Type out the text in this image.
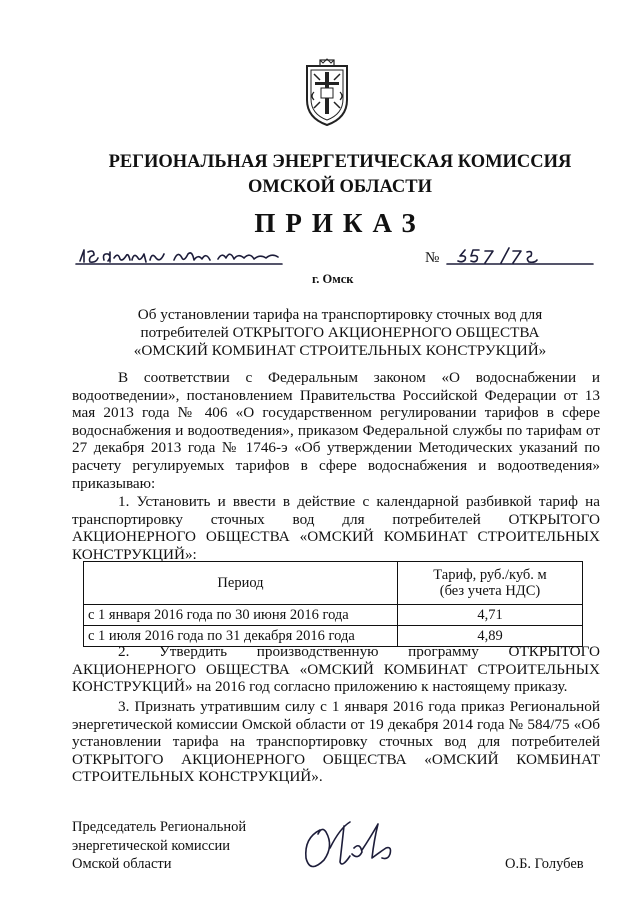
РЕГИОНАЛЬНАЯ ЭНЕРГЕТИЧЕСКАЯ КОМИССИЯ
ОМСКОЙ ОБЛАСТИ
ПРИКАЗ
№
г. Омск
Об установлении тарифа на транспортировку сточных вод для
потребителей ОТКРЫТОГО АКЦИОНЕРНОГО ОБЩЕСТВА
«ОМСКИЙ КОМБИНАТ СТРОИТЕЛЬНЫХ КОНСТРУКЦИЙ»
В соответствии с Федеральным законом «О водоснабжении и
водоотведении», постановлением Правительства Российской Федерации от 13
мая 2013 года № 406 «О государственном регулировании тарифов в сфере
водоснабжения и водоотведения», приказом Федеральной службы по тарифам от
27 декабря 2013 года № 1746-э «Об утверждении Методических указаний по
расчету регулируемых тарифов в сфере водоснабжения и водоотведения»
приказываю:
1. Установить и ввести в действие с календарной разбивкой тариф на
транспортировку сточных вод для потребителей ОТКРЫТОГО
АКЦИОНЕРНОГО ОБЩЕСТВА «ОМСКИЙ КОМБИНАТ СТРОИТЕЛЬНЫХ
КОНСТРУКЦИЙ»:
Период	Тариф, руб./куб. м
(без учета НДС)

с 1 января 2016 года по 30 июня 2016 года	4,71
с 1 июля 2016 года по 31 декабря 2016 года	4,89
2. Утвердить производственную программу ОТКРЫТОГО
АКЦИОНЕРНОГО ОБЩЕСТВА «ОМСКИЙ КОМБИНАТ СТРОИТЕЛЬНЫХ
КОНСТРУКЦИЙ» на 2016 год согласно приложению к настоящему приказу.
3. Признать утратившим силу с 1 января 2016 года приказ Региональной
энергетической комиссии Омской области от 19 декабря 2014 года № 584/75 «Об
установлении тарифа на транспортировку сточных вод для потребителей
ОТКРЫТОГО АКЦИОНЕРНОГО ОБЩЕСТВА «ОМСКИЙ КОМБИНАТ
СТРОИТЕЛЬНЫХ КОНСТРУКЦИЙ».
Председатель Региональной
энергетической комиссии
Омской области	О.Б. Голубев
